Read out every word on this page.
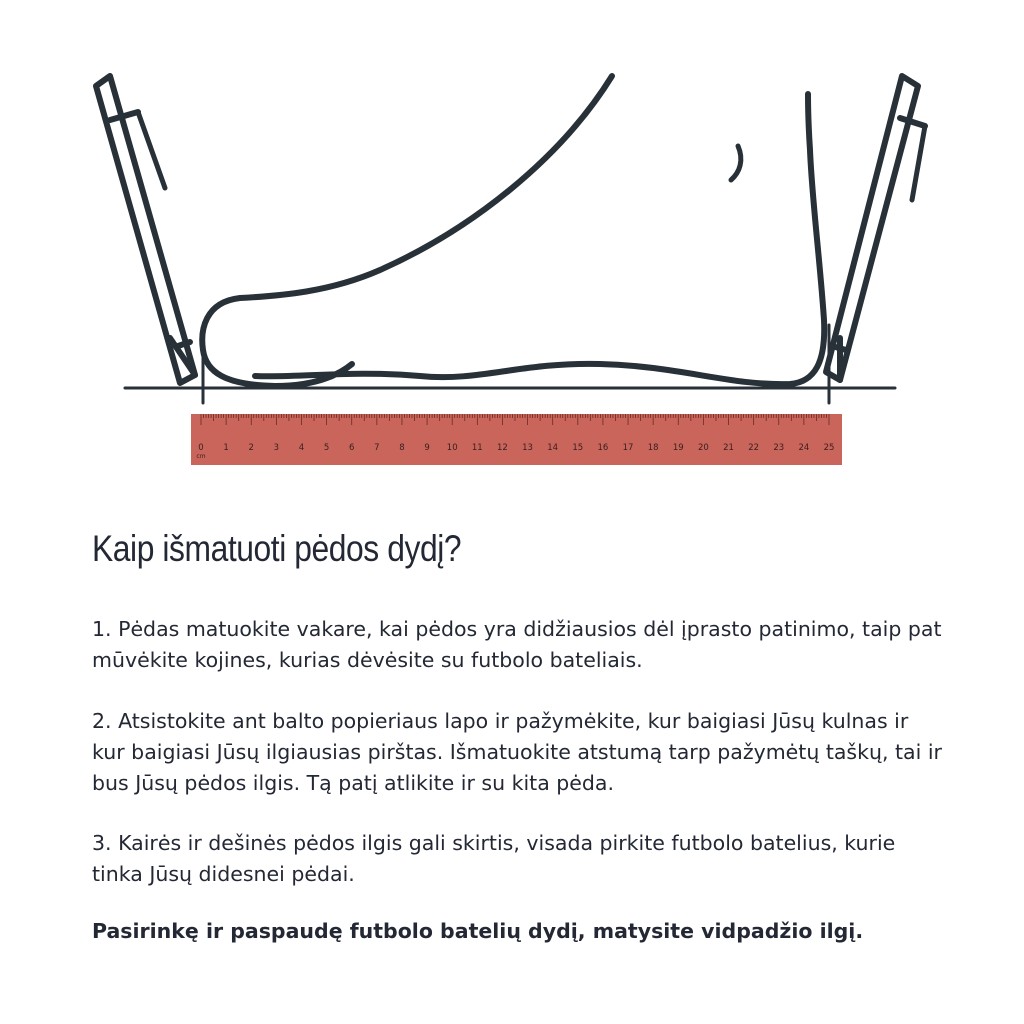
0 1 2 3 4 5 6 7 8 9 10 11 12 13 14 15 16 17 18 19 20 21 22 23 24 25
cm
Kaip išmatuoti pėdos dydį?

1. Pėdas matuokite vakare, kai pėdos yra didžiausios dėl įprasto patinimo, taip pat mūvėkite kojines, kurias dėvėsite su futbolo bateliais.

2. Atsistokite ant balto popieriaus lapo ir pažymėkite, kur baigiasi Jūsų kulnas ir kur baigiasi Jūsų ilgiausias pirštas. Išmatuokite atstumą tarp pažymėtų taškų, tai ir bus Jūsų pėdos ilgis. Tą patį atlikite ir su kita pėda.

3. Kairės ir dešinės pėdos ilgis gali skirtis, visada pirkite futbolo batelius, kurie tinka Jūsų didesnei pėdai.

Pasirinkę ir paspaudę futbolo batelių dydį, matysite vidpadžio ilgį.
